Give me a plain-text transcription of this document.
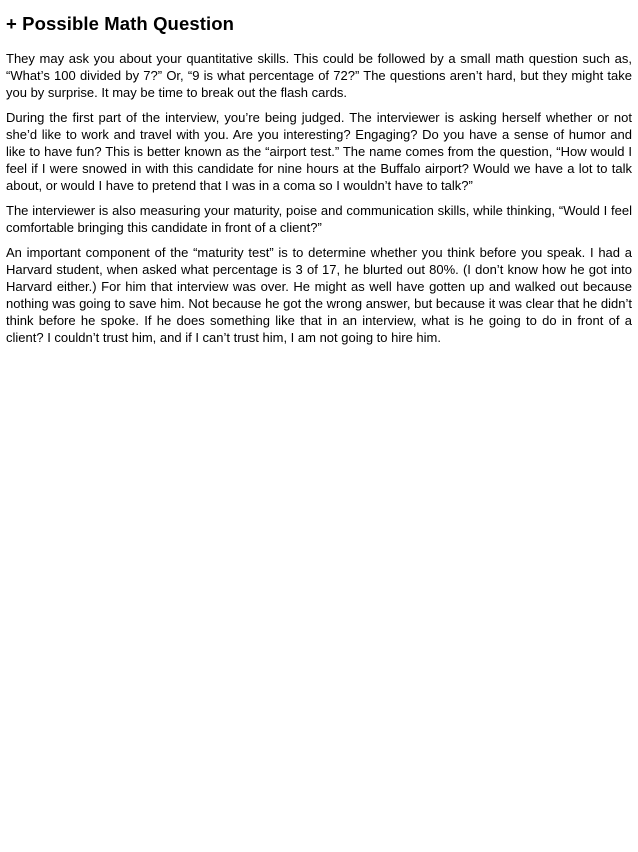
+ Possible Math Question

They may ask you about your quantitative skills. This could be followed by a small math question such as, “What’s 100 divided by 7?” Or, “9 is what percentage of 72?” The questions aren’t hard, but they might take you by surprise. It may be time to break out the flash cards.

During the first part of the interview, you’re being judged. The interviewer is asking herself whether or not she’d like to work and travel with you. Are you interesting? Engaging? Do you have a sense of humor and like to have fun? This is better known as the “airport test.” The name comes from the question, “How would I feel if I were snowed in with this candidate for nine hours at the Buffalo airport? Would we have a lot to talk about, or would I have to pretend that I was in a coma so I wouldn’t have to talk?”

The interviewer is also measuring your maturity, poise and communication skills, while thinking, “Would I feel comfortable bringing this candidate in front of a client?”

An important component of the “maturity test” is to determine whether you think before you speak. I had a Harvard student, when asked what percentage is 3 of 17, he blurted out 80%. (I don’t know how he got into Harvard either.) For him that interview was over. He might as well have gotten up and walked out because nothing was going to save him. Not because he got the wrong answer, but because it was clear that he didn’t think before he spoke. If he does something like that in an interview, what is he going to do in front of a client? I couldn’t trust him, and if I can’t trust him, I am not going to hire him.
